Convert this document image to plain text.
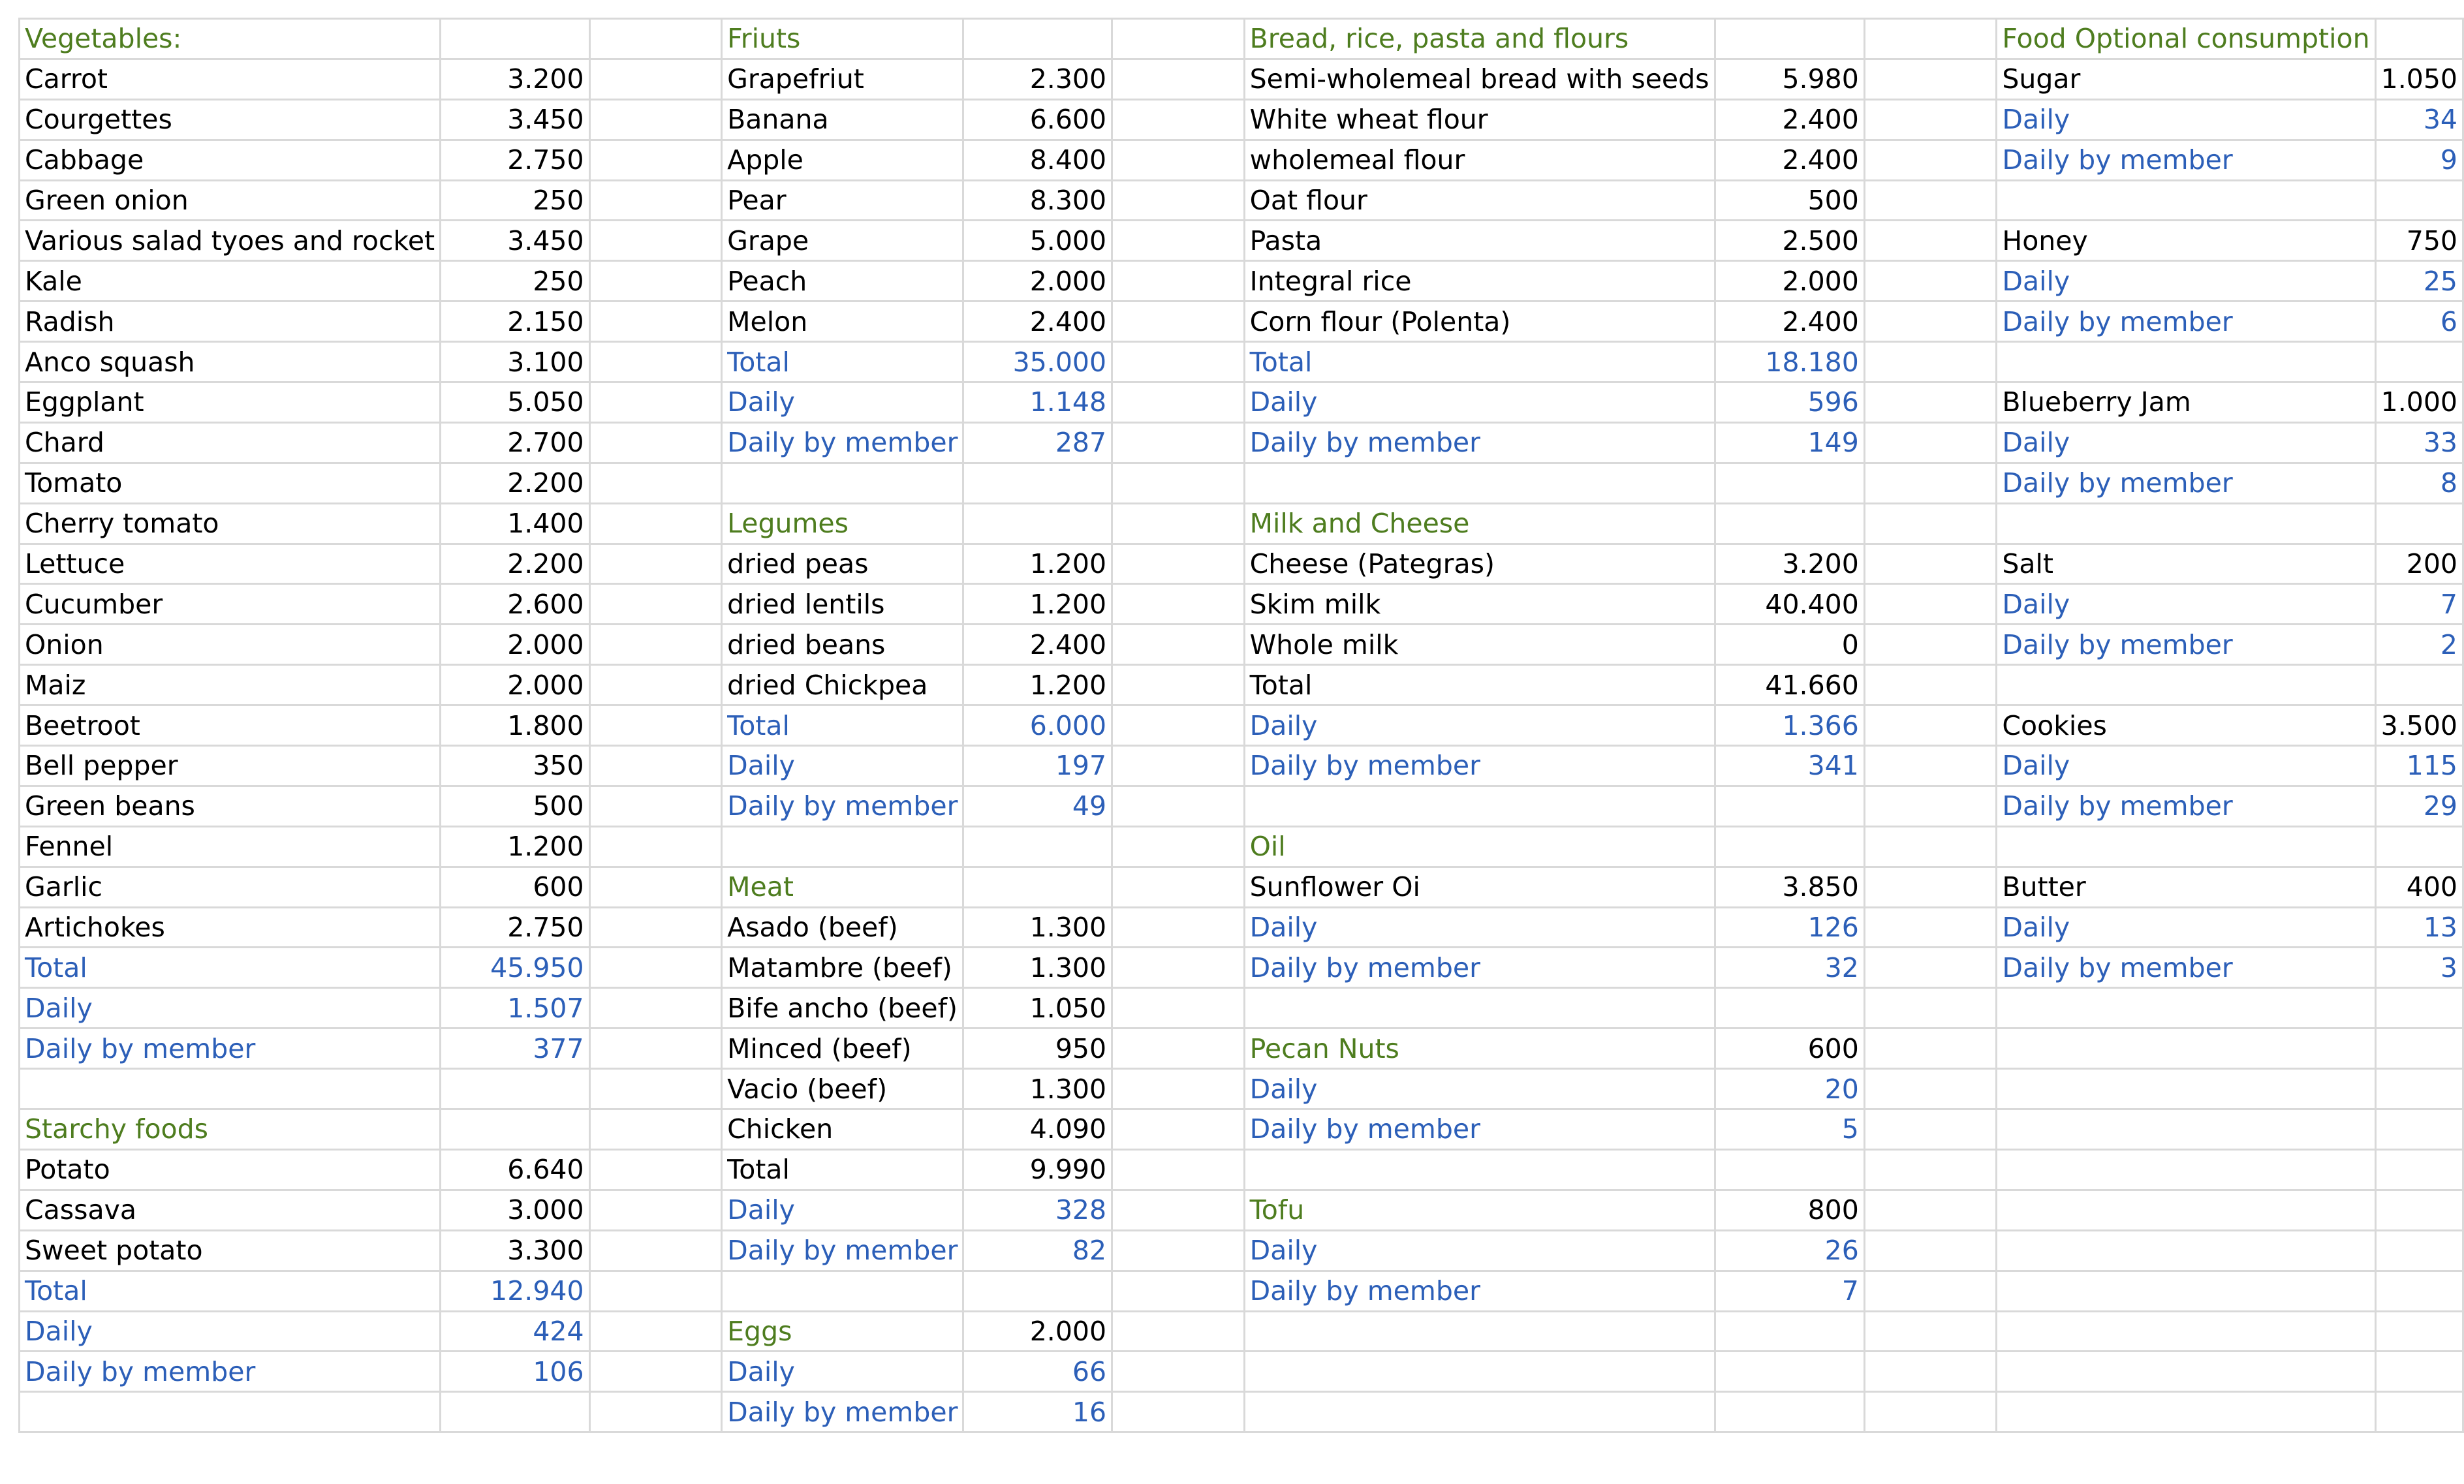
Vegetables:			Friuts			Bread, rice, pasta and flours			Food Optional consumption	
Carrot	3.200		Grapefriut	2.300		Semi-wholemeal bread with seeds	5.980		Sugar	1.050
Courgettes	3.450		Banana	6.600		White wheat flour	2.400		Daily	34
Cabbage	2.750		Apple	8.400		wholemeal flour	2.400		Daily by member	9
Green onion	250		Pear	8.300		Oat flour	500			
Various salad tyoes and rocket	3.450		Grape	5.000		Pasta	2.500		Honey	750
Kale	250		Peach	2.000		Integral rice	2.000		Daily	25
Radish	2.150		Melon	2.400		Corn flour (Polenta)	2.400		Daily by member	6
Anco squash	3.100		Total	35.000		Total	18.180			
Eggplant	5.050		Daily	1.148		Daily	596		Blueberry Jam	1.000
Chard	2.700		Daily by member	287		Daily by member	149		Daily	33
Tomato	2.200								Daily by member	8
Cherry tomato	1.400		Legumes			Milk and Cheese				
Lettuce	2.200		dried peas	1.200		Cheese (Pategras)	3.200		Salt	200
Cucumber	2.600		dried lentils	1.200		Skim milk	40.400		Daily	7
Onion	2.000		dried beans	2.400		Whole milk	0		Daily by member	2
Maiz	2.000		dried Chickpea	1.200		Total	41.660			
Beetroot	1.800		Total	6.000		Daily	1.366		Cookies	3.500
Bell pepper	350		Daily	197		Daily by member	341		Daily	115
Green beans	500		Daily by member	49					Daily by member	29
Fennel	1.200					Oil				
Garlic	600		Meat			Sunflower Oi	3.850		Butter	400
Artichokes	2.750		Asado (beef)	1.300		Daily	126		Daily	13
Total	45.950		Matambre (beef)	1.300		Daily by member	32		Daily by member	3
Daily	1.507		Bife ancho (beef)	1.050						
Daily by member	377		Minced (beef)	950		Pecan Nuts	600			
			Vacio (beef)	1.300		Daily	20			
Starchy foods			Chicken	4.090		Daily by member	5			
Potato	6.640		Total	9.990						
Cassava	3.000		Daily	328		Tofu	800			
Sweet potato	3.300		Daily by member	82		Daily	26			
Total	12.940					Daily by member	7			
Daily	424		Eggs	2.000						
Daily by member	106		Daily	66						
			Daily by member	16						
